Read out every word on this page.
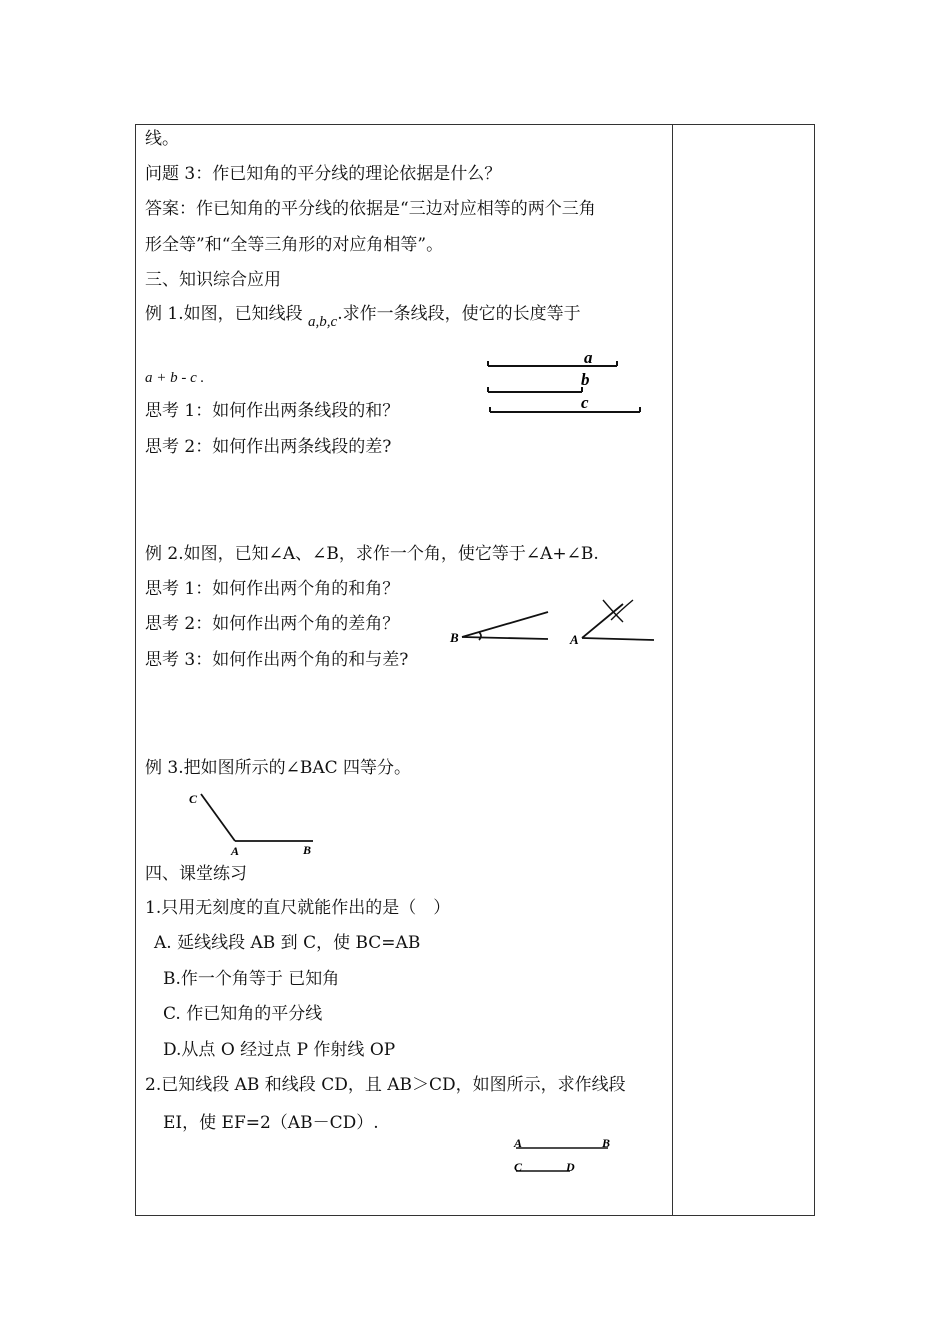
线。
问题 3：作已知角的平分线的理论依据是什么？
答案：作已知角的平分线的依据是“三边对应相等的两个三角
形全等”和“全等三角形的对应角相等”。
三、知识综合应用
例 1.如图，已知线段 a,b,c.求作一条线段，使它的长度等于
a + b - c .
思考 1：如何作出两条线段的和？
思考 2：如何作出两条线段的差?
a
b
c
例 2.如图，已知∠A、∠B，求作一个角，使它等于∠A+∠B.
思考 1：如何作出两个角的和角？
思考 2：如何作出两个角的差角？
思考 3：如何作出两个角的和与差?
B	A
例 3.把如图所示的∠BAC 四等分。
C
A	B
四、课堂练习
1.只用无刻度的直尺就能作出的是（　）
A. 延线线段 AB 到 C，使 BC=AB
B.作一个角等于 已知角
C. 作已知角的平分线
D.从点 O 经过点 P 作射线 OP
2.已知线段 AB 和线段 CD，且 AB＞CD，如图所示，求作线段
EI，使 EF=2（AB－CD）.
A	B
C	D
